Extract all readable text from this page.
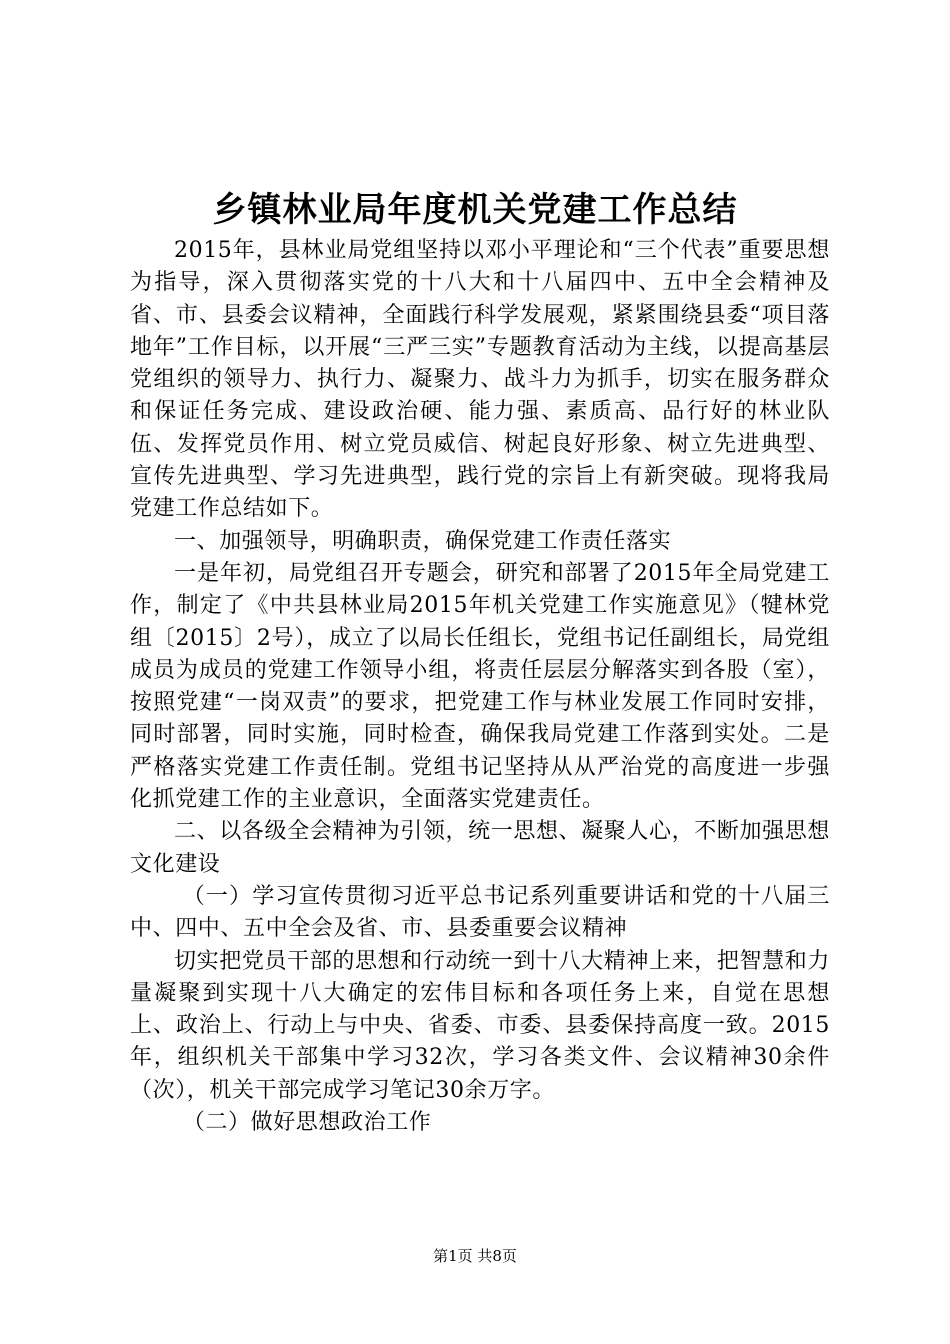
乡镇林业局年度机关党建工作总结

2015年，县林业局党组坚持以邓小平理论和“三个代表”重要思想为指导，深入贯彻落实党的十八大和十八届四中、五中全会精神及省、市、县委会议精神，全面践行科学发展观，紧紧围绕县委“项目落地年”工作目标，以开展“三严三实”专题教育活动为主线，以提高基层党组织的领导力、执行力、凝聚力、战斗力为抓手，切实在服务群众和保证任务完成、建设政治硬、能力强、素质高、品行好的林业队伍、发挥党员作用、树立党员威信、树起良好形象、树立先进典型、宣传先进典型、学习先进典型，践行党的宗旨上有新突破。现将我局党建工作总结如下。

一、加强领导，明确职责，确保党建工作责任落实

一是年初，局党组召开专题会，研究和部署了2015年全局党建工作，制定了《中共县林业局2015年机关党建工作实施意见》（犍林党组〔2015〕2号），成立了以局长任组长，党组书记任副组长，局党组成员为成员的党建工作领导小组，将责任层层分解落实到各股（室），按照党建“一岗双责”的要求，把党建工作与林业发展工作同时安排，同时部署，同时实施，同时检查，确保我局党建工作落到实处。二是严格落实党建工作责任制。党组书记坚持从从严治党的高度进一步强化抓党建工作的主业意识，全面落实党建责任。

二、以各级全会精神为引领，统一思想、凝聚人心，不断加强思想文化建设

（一）学习宣传贯彻习近平总书记系列重要讲话和党的十八届三中、四中、五中全会及省、市、县委重要会议精神

切实把党员干部的思想和行动统一到十八大精神上来，把智慧和力量凝聚到实现十八大确定的宏伟目标和各项任务上来，自觉在思想上、政治上、行动上与中央、省委、市委、县委保持高度一致。2015年，组织机关干部集中学习32次，学习各类文件、会议精神30余件（次），机关干部完成学习笔记30余万字。

（二）做好思想政治工作

第1页 共8页
